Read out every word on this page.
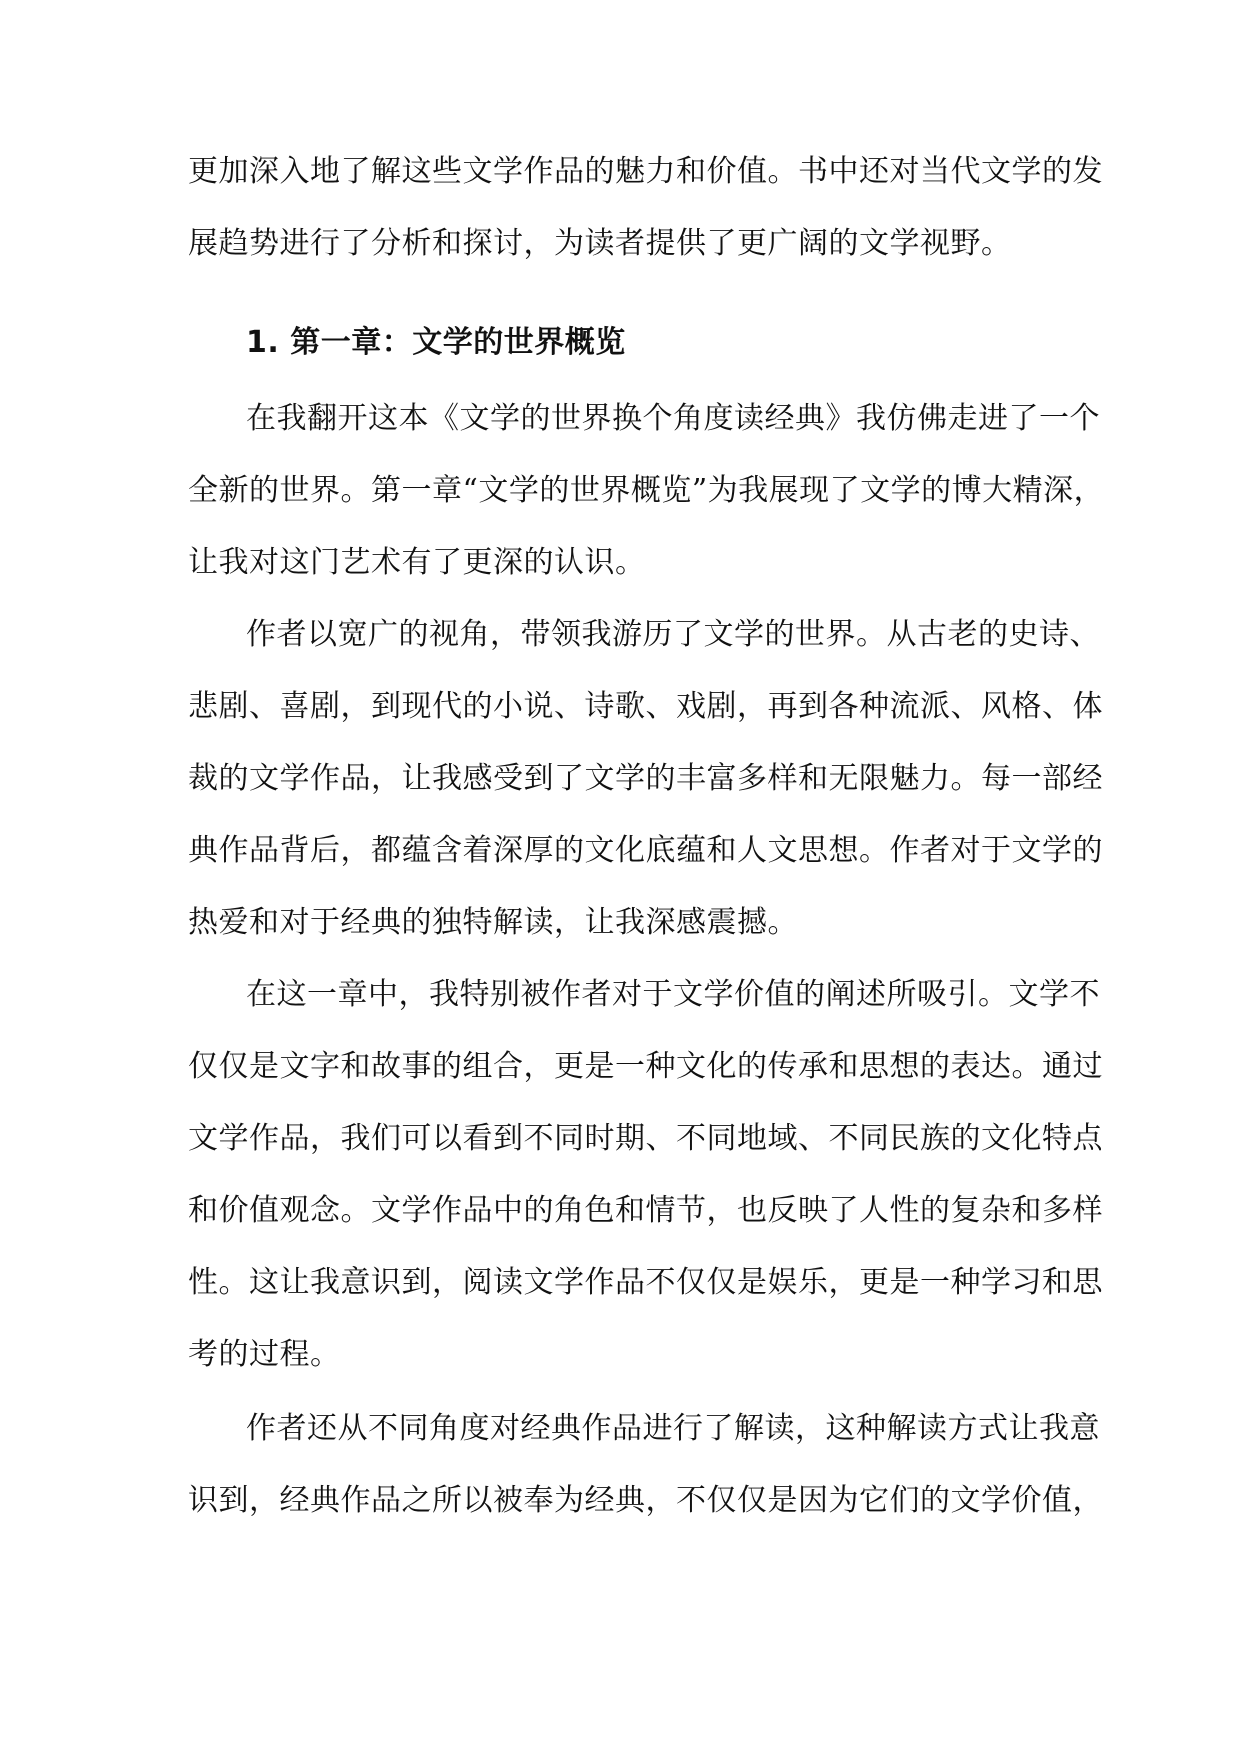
更加深入地了解这些文学作品的魅力和价值。书中还对当代文学的发
展趋势进行了分析和探讨，为读者提供了更广阔的文学视野。
1. 第一章：文学的世界概览
在我翻开这本《文学的世界换个角度读经典》我仿佛走进了一个
全新的世界。第一章“文学的世界概览”为我展现了文学的博大精深，
让我对这门艺术有了更深的认识。
作者以宽广的视角，带领我游历了文学的世界。从古老的史诗、
悲剧、喜剧，到现代的小说、诗歌、戏剧，再到各种流派、风格、体
裁的文学作品，让我感受到了文学的丰富多样和无限魅力。每一部经
典作品背后，都蕴含着深厚的文化底蕴和人文思想。作者对于文学的
热爱和对于经典的独特解读，让我深感震撼。
在这一章中，我特别被作者对于文学价值的阐述所吸引。文学不
仅仅是文字和故事的组合，更是一种文化的传承和思想的表达。通过
文学作品，我们可以看到不同时期、不同地域、不同民族的文化特点
和价值观念。文学作品中的角色和情节，也反映了人性的复杂和多样
性。这让我意识到，阅读文学作品不仅仅是娱乐，更是一种学习和思
考的过程。
作者还从不同角度对经典作品进行了解读，这种解读方式让我意
识到，经典作品之所以被奉为经典，不仅仅是因为它们的文学价值，
